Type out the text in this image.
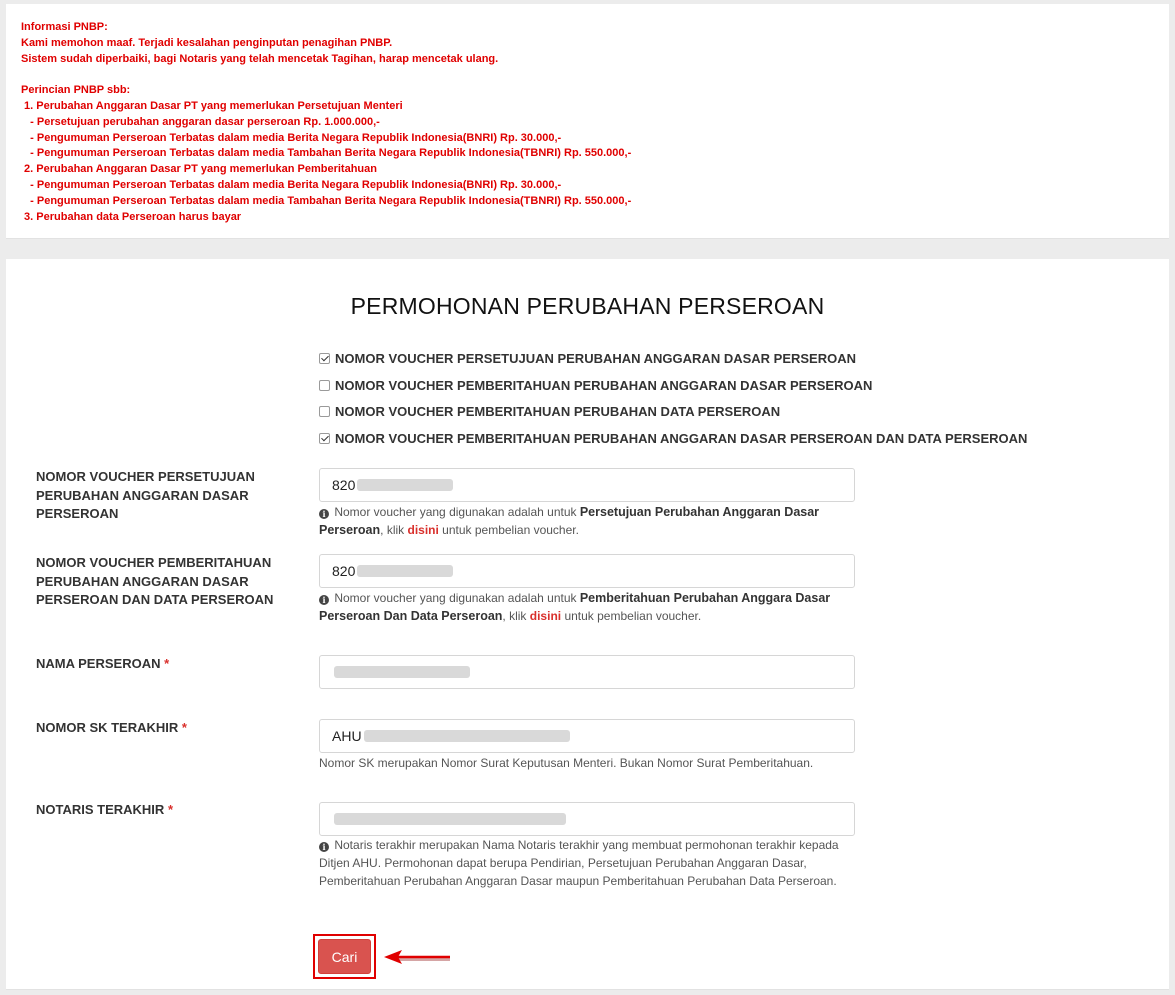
Informasi PNBP:
Kami memohon maaf. Terjadi kesalahan penginputan penagihan PNBP.
Sistem sudah diperbaiki, bagi Notaris yang telah mencetak Tagihan, harap mencetak ulang.
Perincian PNBP sbb:
1. Perubahan Anggaran Dasar PT yang memerlukan Persetujuan Menteri
- Persetujuan perubahan anggaran dasar perseroan Rp. 1.000.000,-
- Pengumuman Perseroan Terbatas dalam media Berita Negara Republik Indonesia(BNRI) Rp. 30.000,-
- Pengumuman Perseroan Terbatas dalam media Tambahan Berita Negara Republik Indonesia(TBNRI) Rp. 550.000,-
2. Perubahan Anggaran Dasar PT yang memerlukan Pemberitahuan
- Pengumuman Perseroan Terbatas dalam media Berita Negara Republik Indonesia(BNRI) Rp. 30.000,-
- Pengumuman Perseroan Terbatas dalam media Tambahan Berita Negara Republik Indonesia(TBNRI) Rp. 550.000,-
3. Perubahan data Perseroan harus bayar
PERMOHONAN PERUBAHAN PERSEROAN
NOMOR VOUCHER PERSETUJUAN PERUBAHAN ANGGARAN DASAR PERSEROAN
NOMOR VOUCHER PEMBERITAHUAN PERUBAHAN ANGGARAN DASAR PERSEROAN
NOMOR VOUCHER PEMBERITAHUAN PERUBAHAN DATA PERSEROAN
NOMOR VOUCHER PEMBERITAHUAN PERUBAHAN ANGGARAN DASAR PERSEROAN DAN DATA PERSEROAN
NOMOR VOUCHER PERSETUJUAN
PERUBAHAN ANGGARAN DASAR
PERSEROAN
820
i Nomor voucher yang digunakan adalah untuk Persetujuan Perubahan Anggaran Dasar Perseroan, klik disini untuk pembelian voucher.
NOMOR VOUCHER PEMBERITAHUAN
PERUBAHAN ANGGARAN DASAR
PERSEROAN DAN DATA PERSEROAN
820
i Nomor voucher yang digunakan adalah untuk Pemberitahuan Perubahan Anggara Dasar Perseroan Dan Data Perseroan, klik disini untuk pembelian voucher.
NAMA PERSEROAN *
NOMOR SK TERAKHIR *
AHU
Nomor SK merupakan Nomor Surat Keputusan Menteri. Bukan Nomor Surat Pemberitahuan.
NOTARIS TERAKHIR *
i Notaris terakhir merupakan Nama Notaris terakhir yang membuat permohonan terakhir kepada Ditjen AHU. Permohonan dapat berupa Pendirian, Persetujuan Perubahan Anggaran Dasar, Pemberitahuan Perubahan Anggaran Dasar maupun Pemberitahuan Perubahan Data Perseroan.
Cari
